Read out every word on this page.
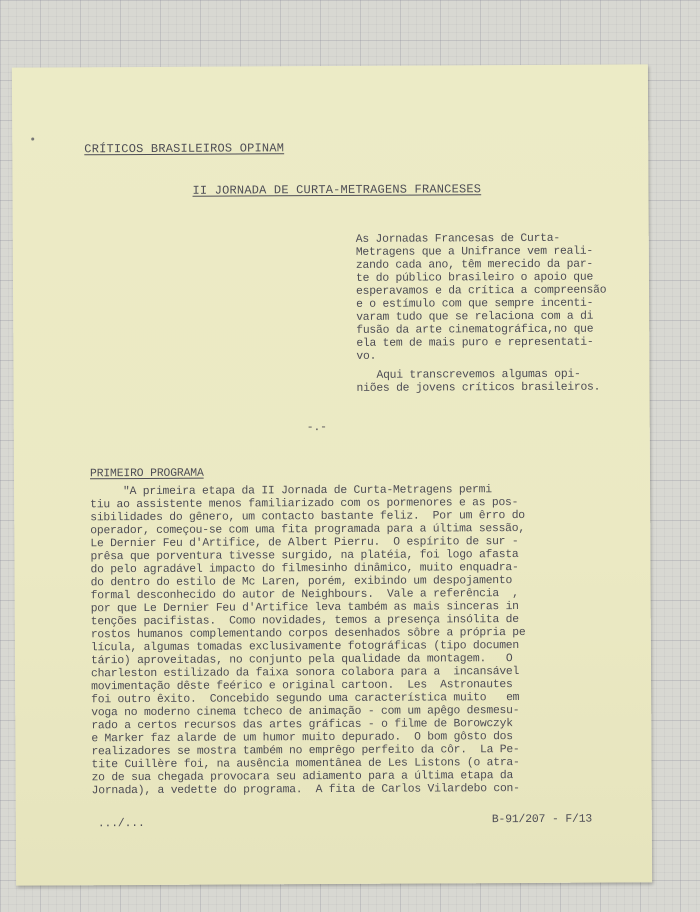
CRÍTICOS BRASILEIROS OPINAM
II JORNADA DE CURTA-METRAGENS FRANCESES
As Jornadas Francesas de Curta-
Metragens que a Unifrance vem reali-
zando cada ano, têm merecido da par-
te do público brasileiro o apoio que
esperavamos e da crítica a compreensão
e o estímulo com que sempre incenti-
varam tudo que se relaciona com a di
fusão da arte cinematográfica,no que
ela tem de mais puro e representati-
vo.
Aqui transcrevemos algumas opi-
niões de jovens críticos brasileiros.
-.-
PRIMEIRO PROGRAMA
"A primeira etapa da II Jornada de Curta-Metragens permi
tiu ao assistente menos familiarizado com os pormenores e as pos-
sibilidades do gênero, um contacto bastante feliz.  Por um êrro do
operador, começou-se com uma fita programada para a última sessão,
Le Dernier Feu d'Artifice, de Albert Pierru.  O espírito de sur -
prêsa que porventura tivesse surgido, na platéia, foi logo afasta
do pelo agradável impacto do filmesinho dinâmico, muito enquadra-
do dentro do estilo de Mc Laren, porém, exibindo um despojamento
formal desconhecido do autor de Neighbours.  Vale a referência  ,
por que Le Dernier Feu d'Artifice leva também as mais sinceras in
tenções pacifistas.  Como novidades, temos a presença insólita de
rostos humanos complementando corpos desenhados sôbre a própria pe
lícula, algumas tomadas exclusivamente fotográficas (tipo documen
tário) aproveitadas, no conjunto pela qualidade da montagem.   O
charleston estilizado da faixa sonora colabora para a  incansável
movimentação dêste feérico e original cartoon.  Les  Astronautes
foi outro êxito.  Concebido segundo uma característica muito   em
voga no moderno cinema tcheco de animação - com um apêgo desmesu-
rado a certos recursos das artes gráficas - o filme de Borowczyk
e Marker faz alarde de um humor muito depurado.  O bom gôsto dos
realizadores se mostra também no emprêgo perfeito da côr.  La Pe-
tite Cuillère foi, na ausência momentânea de Les Listons (o atra-
zo de sua chegada provocara seu adiamento para a última etapa da
Jornada), a vedette do programa.  A fita de Carlos Vilardebo con-
.../...	B-91/207 - F/13
